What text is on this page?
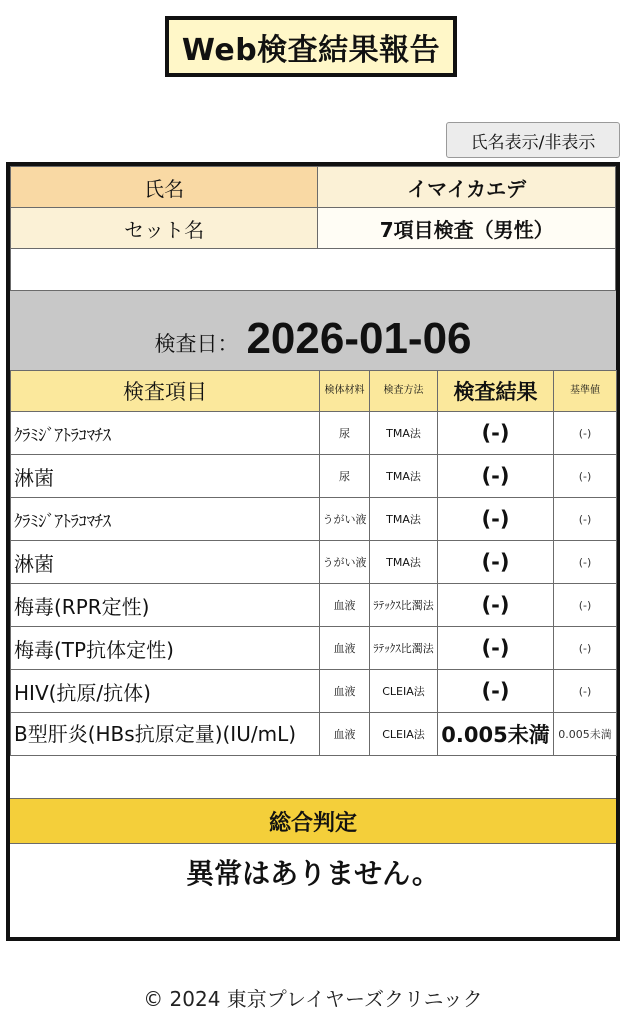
Web検査結果報告
氏名表示/非表示
氏名	イマイカエデ
セット名	7項目検査（男性）
検査日： 2026-01-06
検査項目	検体材料	検査方法	検査結果	基準値
ｸﾗﾐｼﾞｱﾄﾗｺﾏﾁｽ	尿	TMA法	(-)	(-)
淋菌	尿	TMA法	(-)	(-)
ｸﾗﾐｼﾞｱﾄﾗｺﾏﾁｽ	うがい液	TMA法	(-)	(-)
淋菌	うがい液	TMA法	(-)	(-)
梅毒(RPR定性)	血液	ﾗﾃｯｸｽ比濁法	(-)	(-)
梅毒(TP抗体定性)	血液	ﾗﾃｯｸｽ比濁法	(-)	(-)
HIV(抗原/抗体)	血液	CLEIA法	(-)	(-)
B型肝炎(HBs抗原定量)(IU/mL)	血液	CLEIA法	0.005未満	0.005未満
総合判定
異常はありません。
© 2024 東京プレイヤーズクリニック
